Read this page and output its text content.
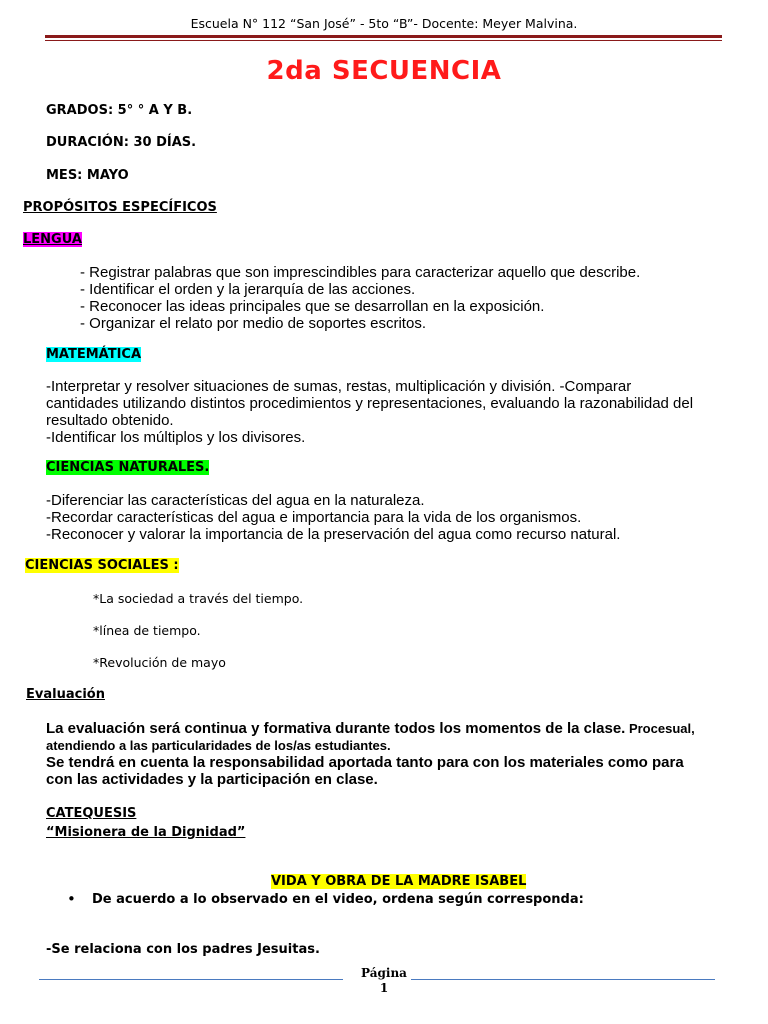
Escuela N° 112 “San José” - 5to “B”- Docente: Meyer Malvina.
2da SECUENCIA
GRADOS: 5° ° A Y B.
DURACIÓN: 30 DÍAS.
MES: MAYO
PROPÓSITOS ESPECÍFICOS
LENGUA
- Registrar palabras que son imprescindibles para caracterizar aquello que describe.
- Identificar el orden y la jerarquía de las acciones.
- Reconocer las ideas principales que se desarrollan en la exposición.
- Organizar el relato por medio de soportes escritos.
MATEMÁTICA
-Interpretar y resolver situaciones de sumas, restas, multiplicación y división. -Comparar
cantidades utilizando distintos procedimientos y representaciones, evaluando la razonabilidad del
resultado obtenido.
-Identificar los múltiplos y los divisores.
CIENCIAS NATURALES.
-Diferenciar las características del agua en la naturaleza.
-Recordar características del agua e importancia para la vida de los organismos.
-Reconocer y valorar la importancia de la preservación del agua como recurso natural.
CIENCIAS SOCIALES :
*La sociedad a través del tiempo.
*línea de tiempo.
*Revolución de mayo
Evaluación
La evaluación será continua y formativa durante todos los momentos de la clase. Procesual,
atendiendo a las particularidades de los/as estudiantes.
Se tendrá en cuenta la responsabilidad aportada tanto para con los materiales como para
con las actividades y la participación en clase.
CATEQUESIS
“Misionera de la Dignidad”
VIDA Y OBRA DE LA MADRE ISABEL
• De acuerdo a lo observado en el video, ordena según corresponda:
-Se relaciona con los padres Jesuitas.
Página
1
